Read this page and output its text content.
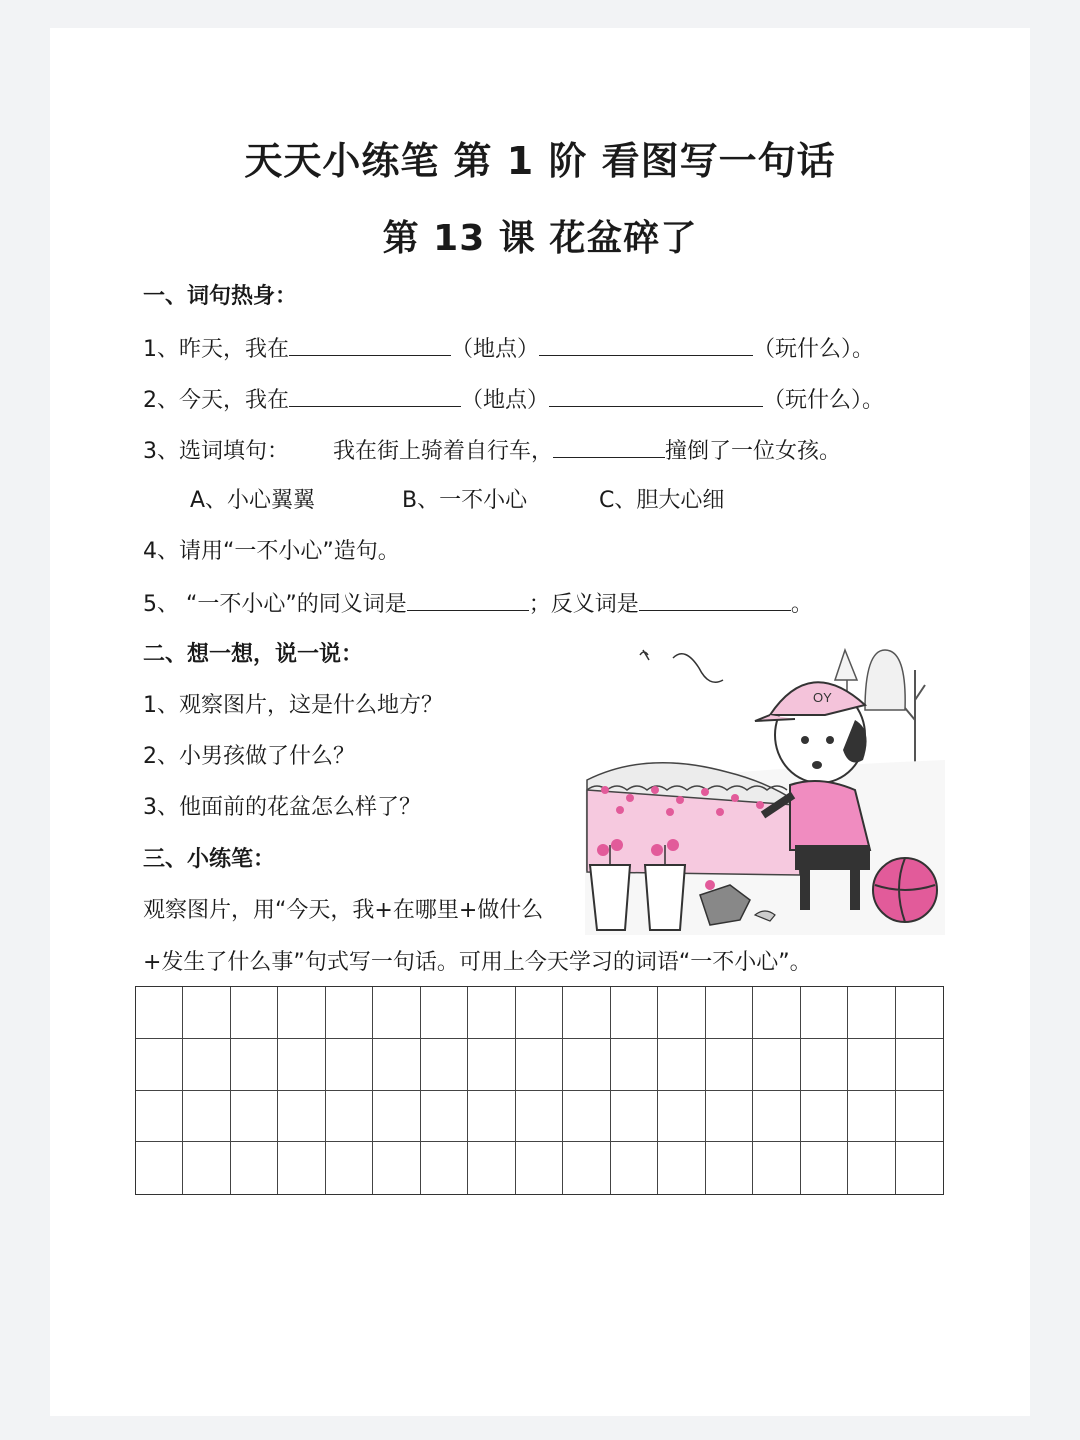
天天小练笔 第 1 阶 看图写一句话
第 13 课 花盆碎了
一、词句热身：
1、昨天，我在	（地点）	（玩什么）。
2、今天，我在	（地点）	（玩什么）。
3、选词填句： 我在街上骑着自行车，	撞倒了一位女孩。
A、小心翼翼	B、一不小心	C、胆大心细
4、请用“一不小心”造句。
5、 “一不小心”的同义词是	；反义词是	。
二、想一想，说一说：
1、观察图片，这是什么地方？
2、小男孩做了什么？
3、他面前的花盆怎么样了？
三、小练笔：
观察图片，用“今天，我+在哪里+做什么
+发生了什么事”句式写一句话。可用上今天学习的词语“一不小心”。
OY
